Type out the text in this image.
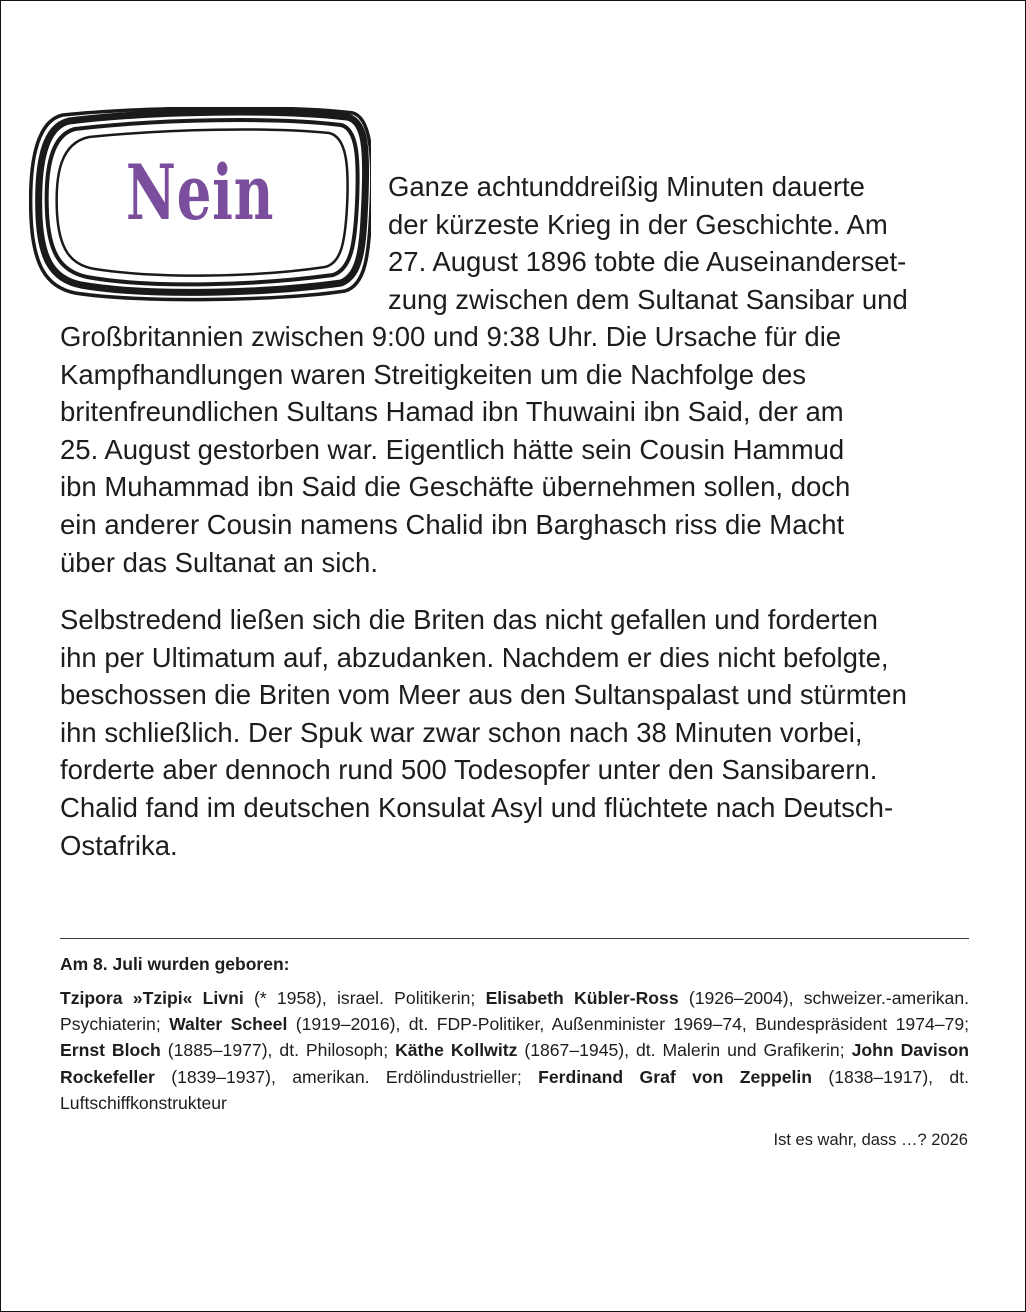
Nein	Ganze achtunddreißig Minuten dauerte
der kürzeste Krieg in der Geschichte. Am
27. August 1896 tobte die Auseinanderset-
zung zwischen dem Sultanat Sansibar und
Großbritannien zwischen 9:00 und 9:38 Uhr. Die Ursache für die
Kampfhandlungen waren Streitigkeiten um die Nachfolge des
britenfreundlichen Sultans Hamad ibn Thuwaini ibn Said, der am
25. August gestorben war. Eigentlich hätte sein Cousin Hammud
ibn Muhammad ibn Said die Geschäfte übernehmen sollen, doch
ein anderer Cousin namens Chalid ibn Barghasch riss die Macht
über das Sultanat an sich.
Selbstredend ließen sich die Briten das nicht gefallen und forderten
ihn per Ultimatum auf, abzudanken. Nachdem er dies nicht befolgte,
beschossen die Briten vom Meer aus den Sultanspalast und stürmten
ihn schließlich. Der Spuk war zwar schon nach 38 Minuten vorbei,
forderte aber dennoch rund 500 Todesopfer unter den Sansibarern.
Chalid fand im deutschen Konsulat Asyl und flüchtete nach Deutsch-
Ostafrika.
Am 8. Juli wurden geboren:
Tzipora »Tzipi« Livni (* 1958), israel. Politikerin; Elisabeth Kübler-Ross (1926–2004), schweizer.-amerikan. Psychiaterin; Walter Scheel (1919–2016), dt. FDP-Politiker, Außenminister 1969–74, Bundespräsident 1974–79; Ernst Bloch (1885–1977), dt. Philosoph; Käthe Kollwitz (1867–1945), dt. Malerin und Grafikerin; John Davison Rockefeller (1839–1937), amerikan. Erdölindustrieller; Ferdinand Graf von Zeppelin (1838–1917), dt. Luftschiffkonstrukteur
Ist es wahr, dass …? 2026
